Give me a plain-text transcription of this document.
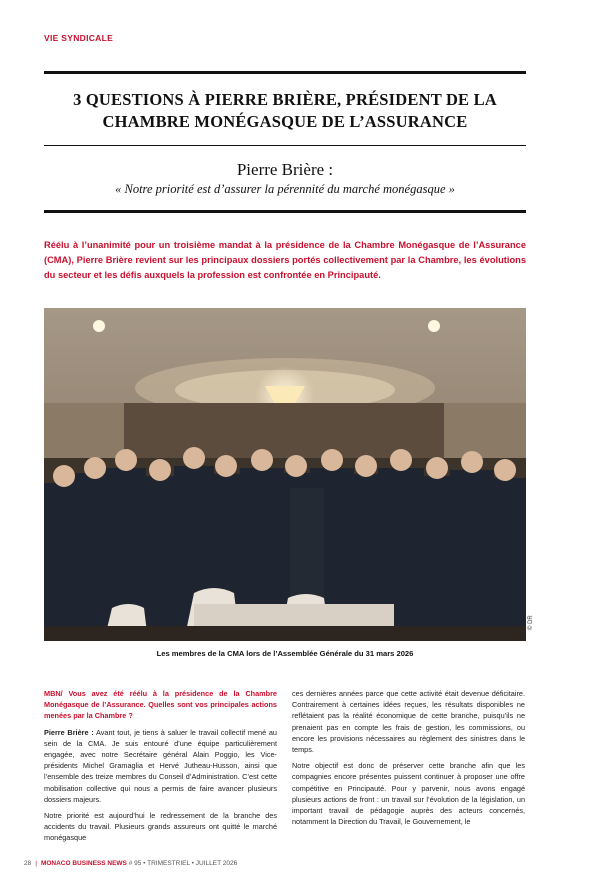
VIE SYNDICALE
3 QUESTIONS À PIERRE BRIÈRE, PRÉSIDENT DE LA CHAMBRE MONÉGASQUE DE L’ASSURANCE
Pierre Brière :
« Notre priorité est d’assurer la pérennité du marché monégasque »

Réélu à l’unanimité pour un troisième mandat à la présidence de la Chambre Monégasque de l’Assurance (CMA), Pierre Brière revient sur les principaux dossiers portés collectivement par la Chambre, les évolutions du secteur et les défis auxquels la profession est confrontée en Principauté.

© DR
Les membres de la CMA lors de l’Assemblée Générale du 31 mars 2026

MBN/ Vous avez été réélu à la présidence de la Chambre Monégasque de l’Assurance. Quelles sont vos principales actions menées par la Chambre ?

Pierre Brière : Avant tout, je tiens à saluer le travail collectif mené au sein de la CMA. Je suis entouré d’une équipe particulièrement engagée, avec notre Secrétaire général Alain Poggio, les Vice-présidents Michel Gramaglia et Hervé Jutheau-Husson, ainsi que l’ensemble des treize membres du Conseil d’Administration. C’est cette mobilisation collective qui nous a permis de faire avancer plusieurs dossiers majeurs.

Notre priorité est aujourd’hui le redressement de la branche des accidents du travail. Plusieurs grands assureurs ont quitté le marché monégasque

ces dernières années parce que cette activité était devenue déficitaire. Contrairement à certaines idées reçues, les résultats disponibles ne reflétaient pas la réalité économique de cette branche, puisqu’ils ne prenaient pas en compte les frais de gestion, les commissions, ou encore les provisions nécessaires au règlement des sinistres dans le temps.

Notre objectif est donc de préserver cette branche afin que les compagnies encore présentes puissent continuer à proposer une offre compétitive en Principauté. Pour y parvenir, nous avons engagé plusieurs actions de front : un travail sur l’évolution de la législation, un important travail de pédagogie auprès des acteurs concernés, notamment la Direction du Travail, le Gouvernement, le

28 | MONACO BUSINESS NEWS # 95 • TRIMESTRIEL • JUILLET 2026
